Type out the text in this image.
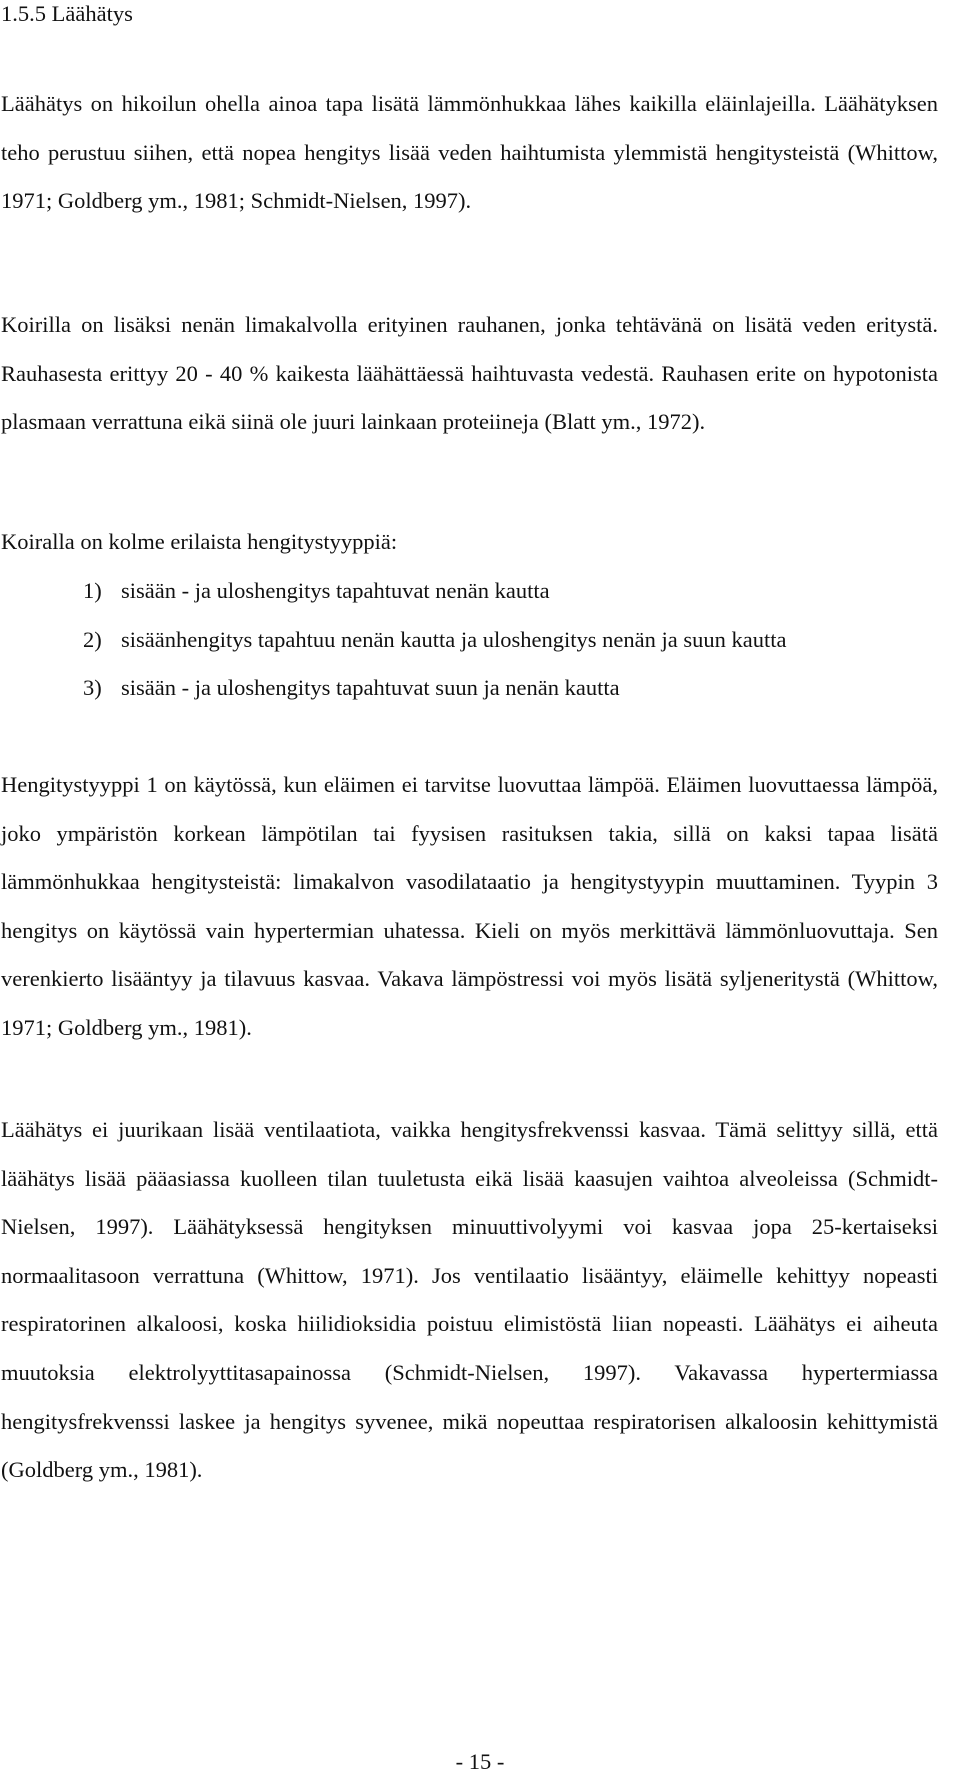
1.5.5 Läähätys

Läähätys on hikoilun ohella ainoa tapa lisätä lämmönhukkaa lähes kaikilla eläinlajeilla. Läähätyksen teho perustuu siihen, että nopea hengitys lisää veden haihtumista ylemmistä hengitysteistä (Whittow, 1971; Goldberg ym., 1981; Schmidt-Nielsen, 1997).

Koirilla on lisäksi nenän limakalvolla erityinen rauhanen, jonka tehtävänä on lisätä veden eritystä. Rauhasesta erittyy 20 - 40 % kaikesta läähättäessä haihtuvasta vedestä. Rauhasen erite on hypotonista plasmaan verrattuna eikä siinä ole juuri lainkaan proteiineja (Blatt ym., 1972).

Koiralla on kolme erilaista hengitystyyppiä:

1) sisään - ja uloshengitys tapahtuvat nenän kautta
2) sisäänhengitys tapahtuu nenän kautta ja uloshengitys nenän ja suun kautta
3) sisään - ja uloshengitys tapahtuvat suun ja nenän kautta

Hengitystyyppi 1 on käytössä, kun eläimen ei tarvitse luovuttaa lämpöä. Eläimen luovuttaessa lämpöä, joko ympäristön korkean lämpötilan tai fyysisen rasituksen takia, sillä on kaksi tapaa lisätä lämmönhukkaa hengitysteistä: limakalvon vasodilataatio ja hengitystyypin muuttaminen. Tyypin 3 hengitys on käytössä vain hypertermian uhatessa. Kieli on myös merkittävä lämmönluovuttaja. Sen verenkierto lisääntyy ja tilavuus kasvaa. Vakava lämpöstressi voi myös lisätä syljeneritystä (Whittow, 1971; Goldberg ym., 1981).

Läähätys ei juurikaan lisää ventilaatiota, vaikka hengitysfrekvenssi kasvaa. Tämä selittyy sillä, että läähätys lisää pääasiassa kuolleen tilan tuuletusta eikä lisää kaasujen vaihtoa alveoleissa (Schmidt-Nielsen, 1997). Läähätyksessä hengityksen minuuttivolyymi voi kasvaa jopa 25-kertaiseksi normaalitasoon verrattuna (Whittow, 1971). Jos ventilaatio lisääntyy, eläimelle kehittyy nopeasti respiratorinen alkaloosi, koska hiilidioksidia poistuu elimistöstä liian nopeasti. Läähätys ei aiheuta muutoksia elektrolyyttitasapainossa (Schmidt-Nielsen, 1997). Vakavassa hypertermiassa hengitysfrekvenssi laskee ja hengitys syvenee, mikä nopeuttaa respiratorisen alkaloosin kehittymistä (Goldberg ym., 1981).

- 15 -
